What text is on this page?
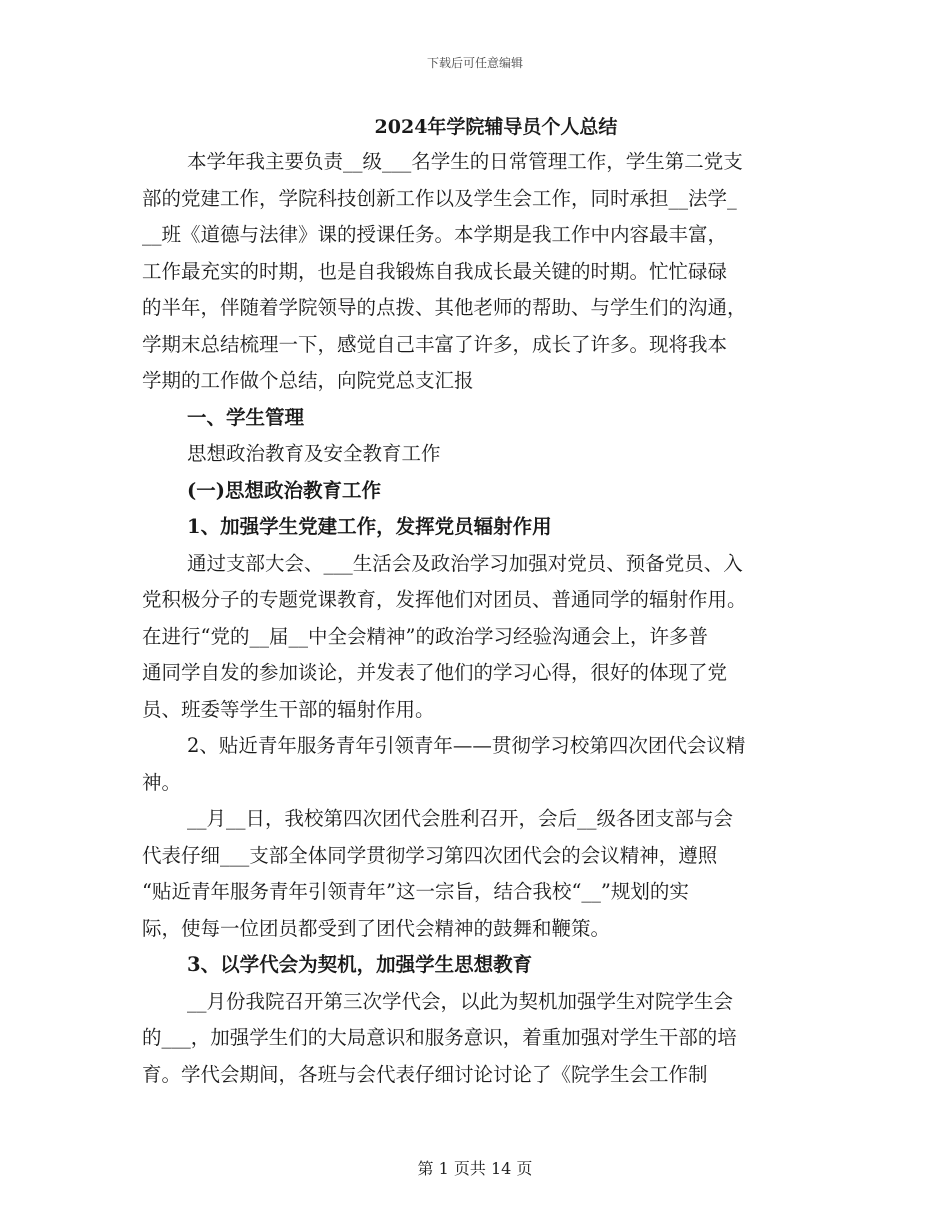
下载后可任意编辑
2024年学院辅导员个人总结

本学年我主要负责__级___名学生的日常管理工作，学生第二党支
部的党建工作，学院科技创新工作以及学生会工作，同时承担__法学_
__班《道德与法律》课的授课任务。本学期是我工作中内容最丰富，
工作最充实的时期，也是自我锻炼自我成长最关键的时期。忙忙碌碌
的半年，伴随着学院领导的点拨、其他老师的帮助、与学生们的沟通，
学期末总结梳理一下，感觉自己丰富了许多，成长了许多。现将我本
学期的工作做个总结，向院党总支汇报

一、学生管理

思想政治教育及安全教育工作

(一)思想政治教育工作

1、加强学生党建工作，发挥党员辐射作用

通过支部大会、___生活会及政治学习加强对党员、预备党员、入
党积极分子的专题党课教育，发挥他们对团员、普通同学的辐射作用。
在进行“党的__届__中全会精神”的政治学习经验沟通会上，许多普
通同学自发的参加谈论，并发表了他们的学习心得，很好的体现了党
员、班委等学生干部的辐射作用。

2、贴近青年服务青年引领青年——贯彻学习校第四次团代会议精
神。

__月__日，我校第四次团代会胜利召开，会后__级各团支部与会
代表仔细___支部全体同学贯彻学习第四次团代会的会议精神，遵照
“贴近青年服务青年引领青年”这一宗旨，结合我校“__”规划的实
际，使每一位团员都受到了团代会精神的鼓舞和鞭策。

3、以学代会为契机，加强学生思想教育

__月份我院召开第三次学代会，以此为契机加强学生对院学生会
的___，加强学生们的大局意识和服务意识，着重加强对学生干部的培
育。学代会期间，各班与会代表仔细讨论讨论了《院学生会工作制

第 1 页共 14 页
